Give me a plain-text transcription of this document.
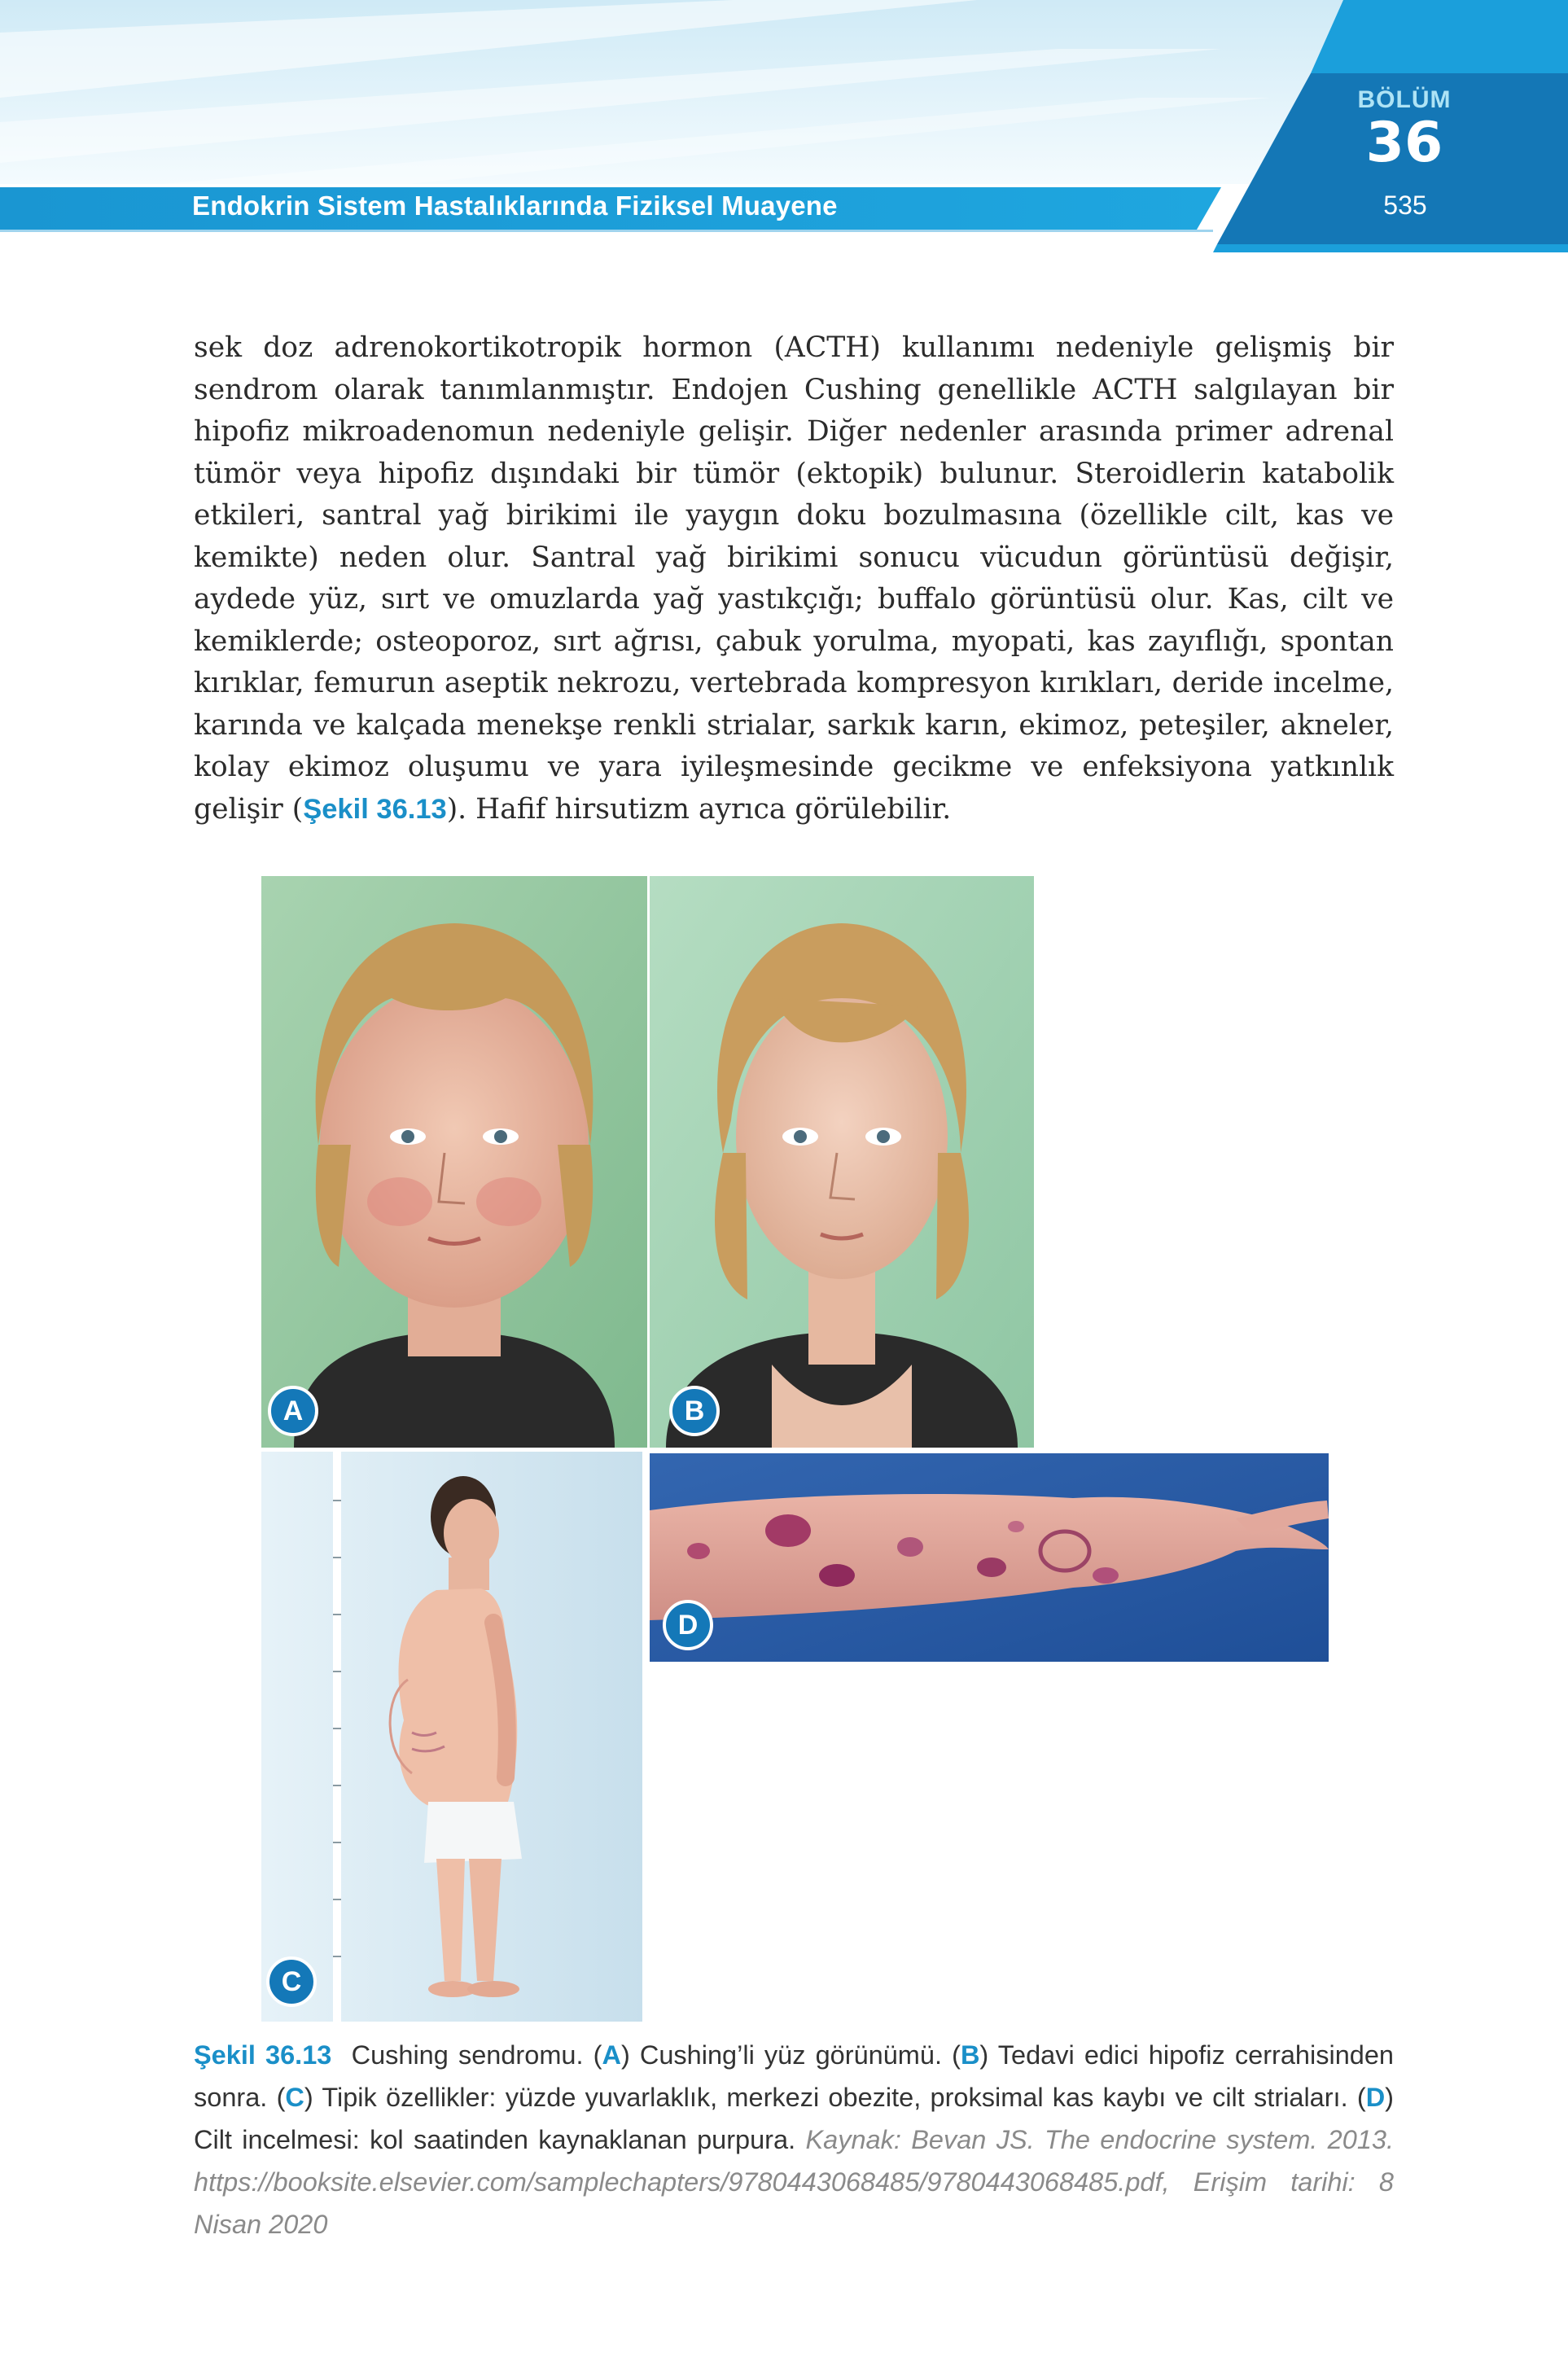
Endokrin Sistem Hastalıklarında Fiziksel Muayene	535
BÖLÜM
36

sek doz adrenokortikotropik hormon (ACTH) kullanımı nedeniyle gelişmiş bir sendrom olarak tanımlanmıştır. Endojen Cushing genellikle ACTH salgılayan bir hipofiz mikroadenomun nedeniyle gelişir. Diğer nedenler arasında primer adrenal tümör veya hipofiz dışındaki bir tümör (ektopik) bulunur. Steroidlerin katabolik etkileri, santral yağ birikimi ile yaygın doku bozulmasına (özellikle cilt, kas ve kemikte) neden olur. Santral yağ birikimi sonucu vücudun görüntüsü değişir, aydede yüz, sırt ve omuzlarda yağ yastıkçığı; buffalo görüntüsü olur. Kas, cilt ve kemiklerde; osteoporoz, sırt ağrısı, çabuk yorulma, myopati, kas zayıflığı, spontan kırıklar, femurun aseptik nekrozu, vertebrada kompresyon kırıkları, deride incelme, karında ve kalçada menekşe renkli strialar, sarkık karın, ekimoz, peteşiler, akneler, kolay ekimoz oluşumu ve yara iyileşmesinde gecikme ve enfeksiyona yatkınlık gelişir (Şekil 36.13). Hafif hirsutizm ayrıca görülebilir.

A	B
C
D
Şekil 36.13 Cushing sendromu. (A) Cushing’li yüz görünümü. (B) Tedavi edici hipofiz cerrahisinden sonra. (C) Tipik özellikler: yüzde yuvarlaklık, merkezi obezite, proksimal kas kaybı ve cilt striaları. (D) Cilt incelmesi: kol saatinden kaynaklanan purpura. Kaynak: Bevan JS. The endocrine system. 2013. https://booksite.elsevier.com/samplechapters/9780443068485/9780443068485.pdf, Erişim tarihi: 8 Nisan 2020
